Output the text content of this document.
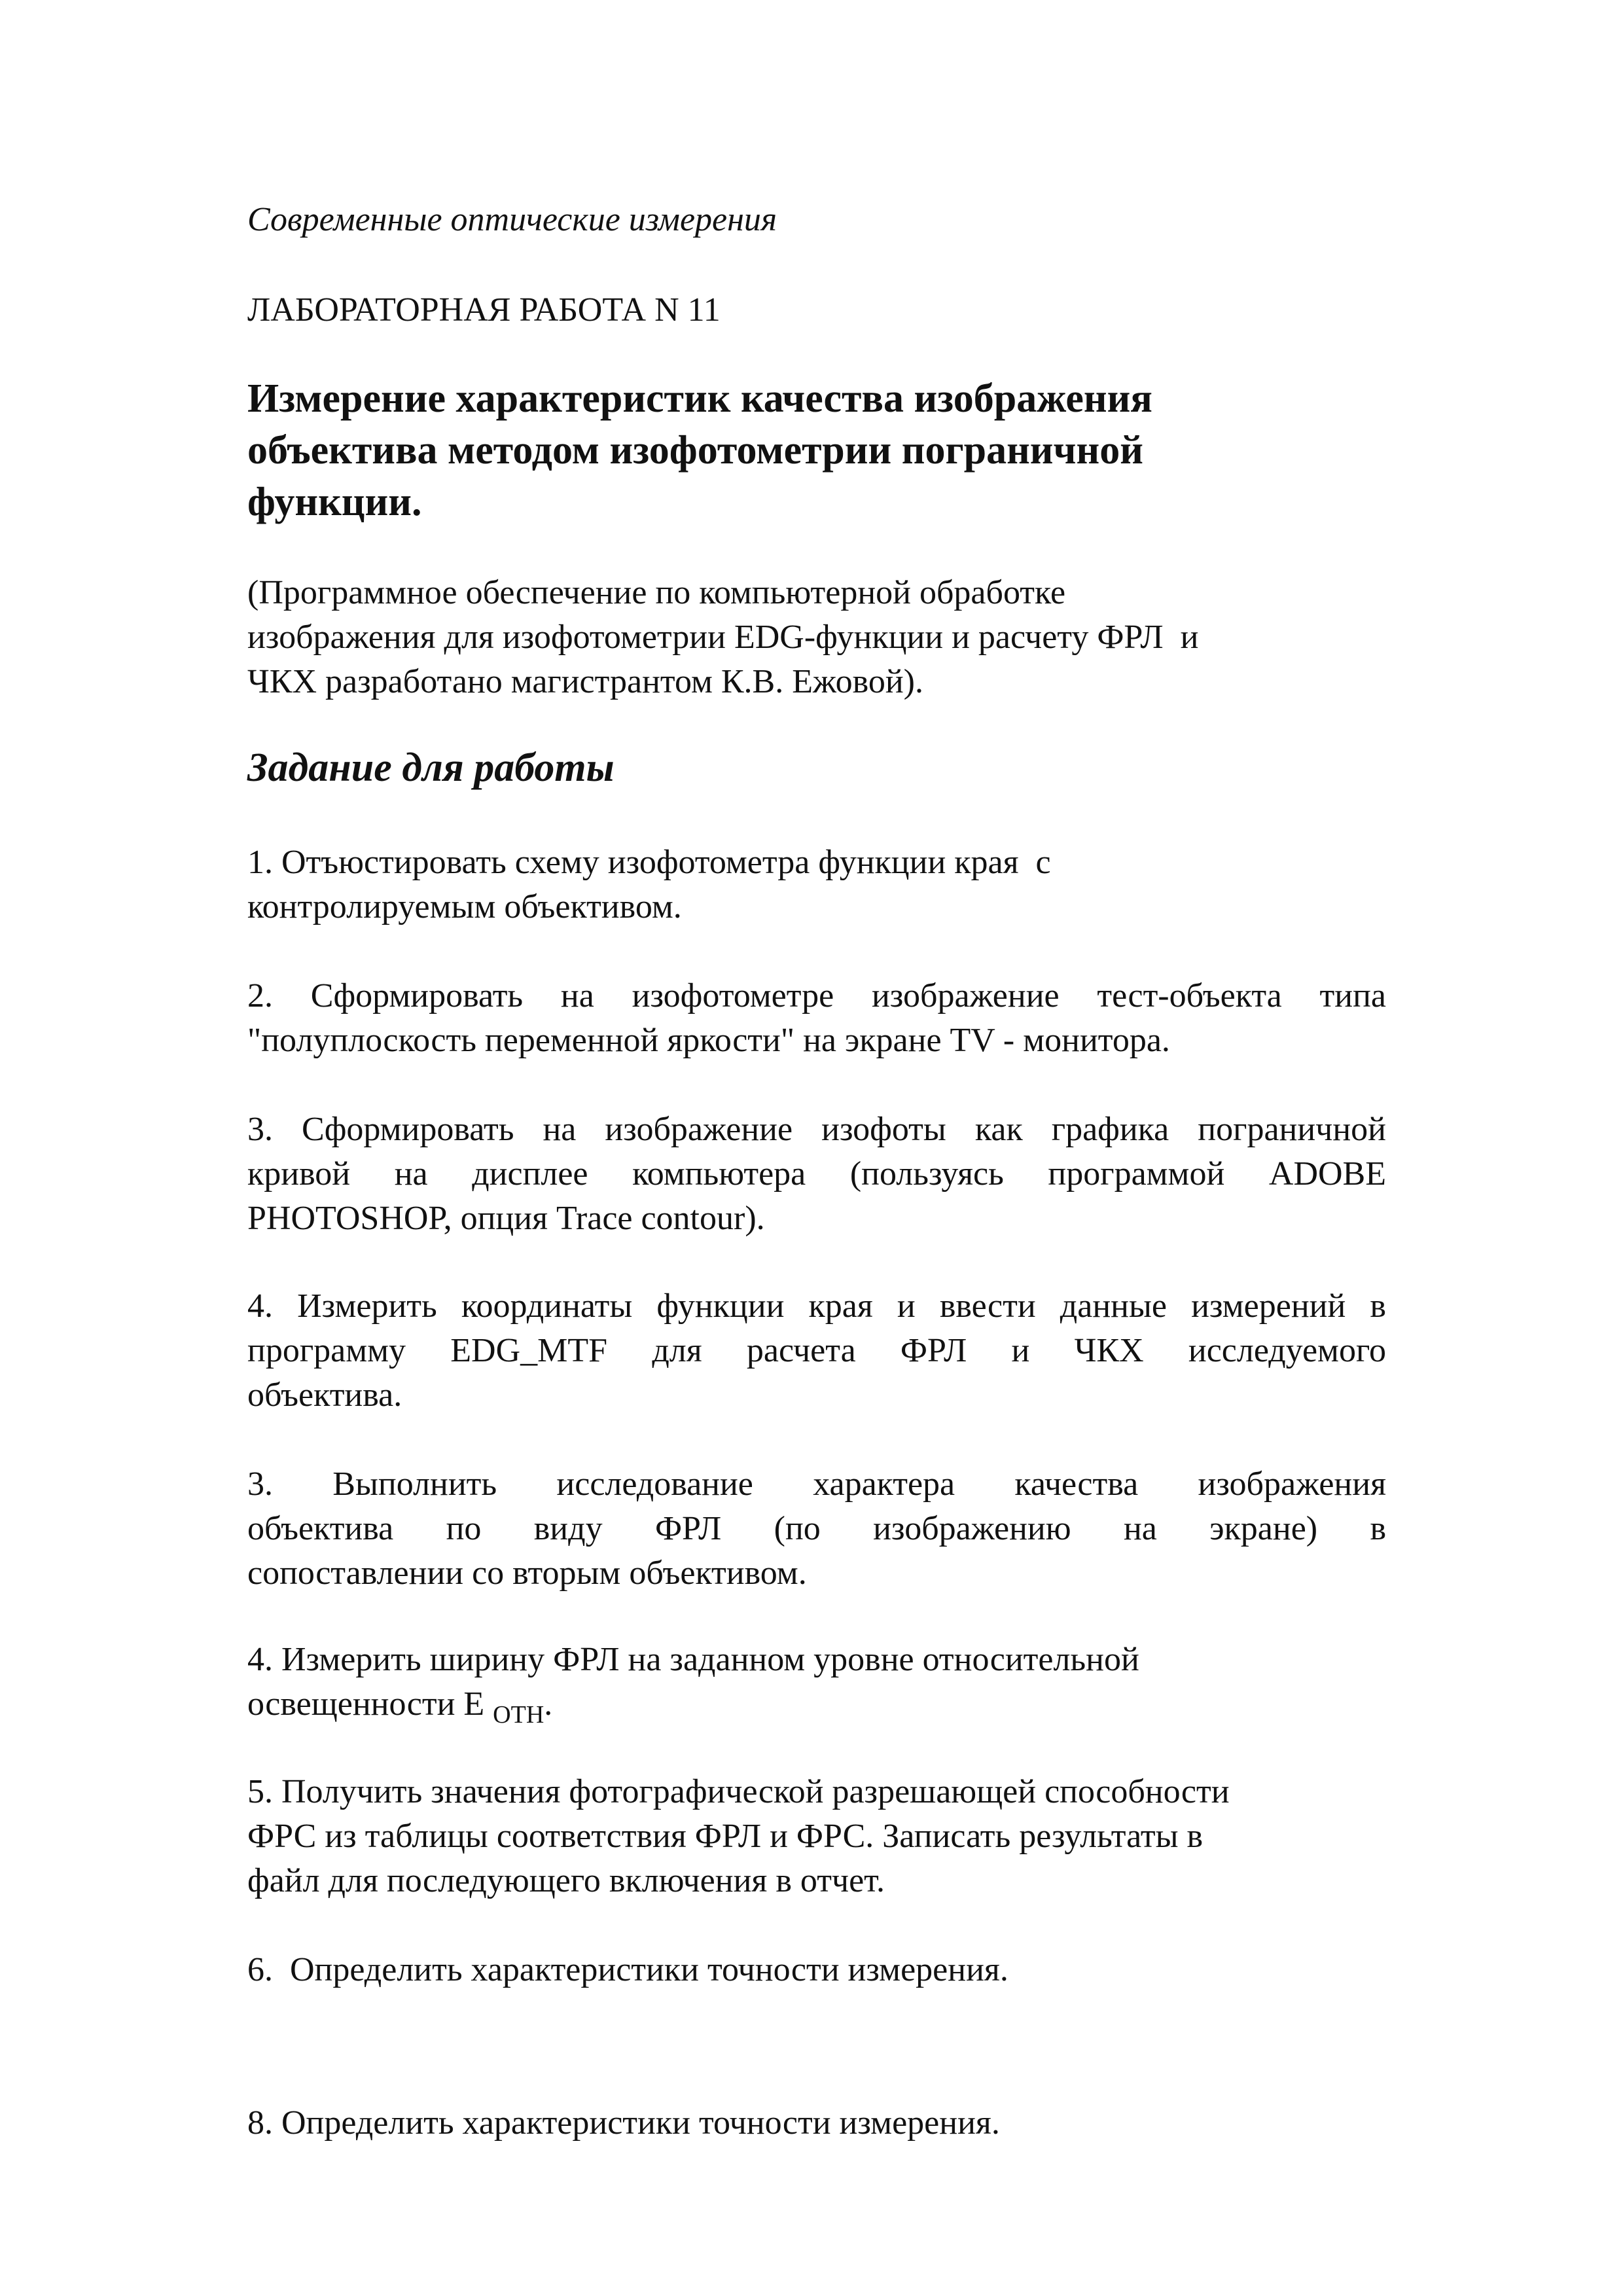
Современные оптические измерения

ЛАБОРАТОРНАЯ РАБОТА N 11

Измерение характеристик качества изображения
объектива методом изофотометрии пограничной
функции.

(Программное обеспечение по компьютерной обработке
изображения для изофотометрии EDG-функции и расчету ФРЛ  и
ЧКХ разработано магистрантом К.В. Ежовой).

Задание для работы

1. Отъюстировать схему изофотометра функции края  с
контролируемым объективом.

2. Сформировать на изофотометре изображение тест-объекта типа
"полуплоскость переменной яркости" на экране TV - монитора.

3. Сформировать на изображение изофоты как графика пограничной
кривой на дисплее компьютера (пользуясь программой ADOBE
PHOTOSHOP, опция Trace contour).

4. Измерить координаты функции края и ввести данные измерений в
программу EDG_MTF для расчета ФРЛ и ЧКХ исследуемого
объектива.

3. Выполнить исследование характера качества изображения
объектива по виду ФРЛ (по изображению на экране) в
сопоставлении со вторым объективом.

4. Измерить ширину ФРЛ на заданном уровне относительной
освещенности Е $_{ОТН}$.

5. Получить значения фотографической разрешающей способности
ФРС из таблицы соответствия ФРЛ и ФРС. Записать результаты в
файл для последующего включения в отчет.

6.  Определить характеристики точности измерения.

8. Определить характеристики точности измерения.
